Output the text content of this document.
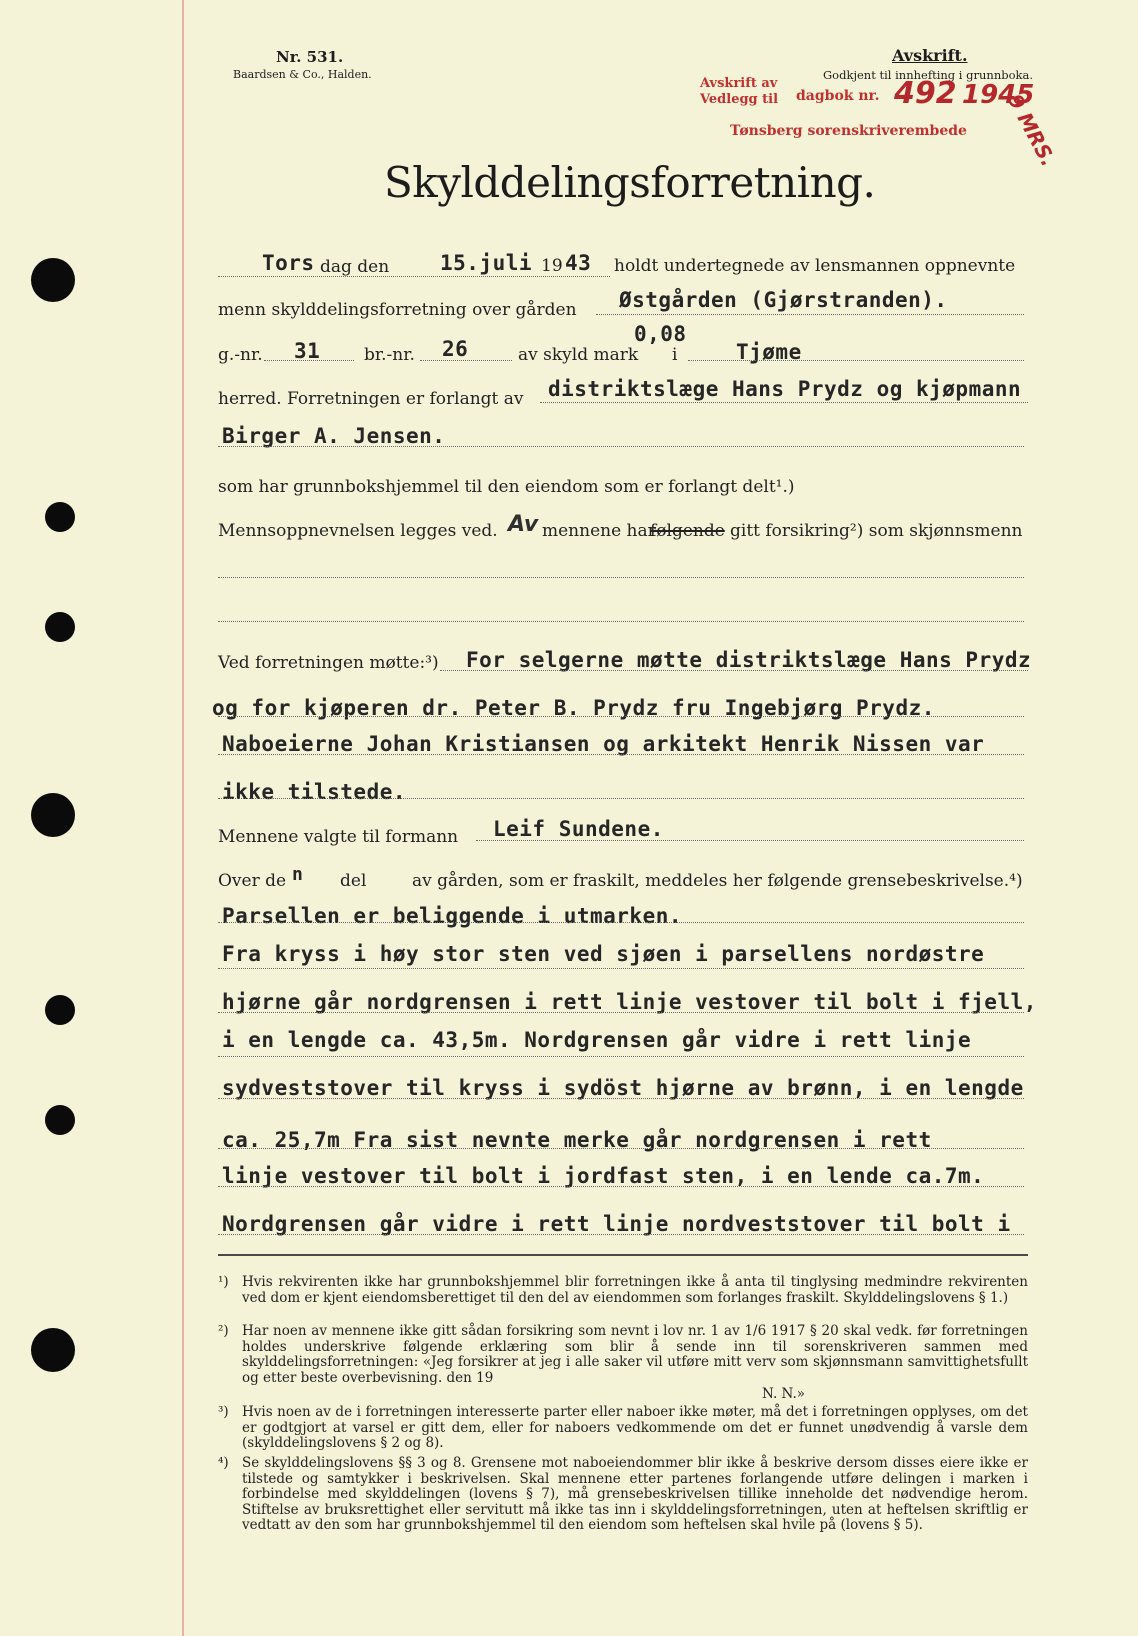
Nr. 531.
Baardsen & Co., Halden.
Avskrift.
Godkjent til innhefting i grunnboka.
Avskrift av
Vedlegg til dagbok nr. 492 1945
9 MRS.
Tønsberg sorenskriverembede
Skylddelingsforretning.
Tors dag den 15.juli 19 43 holdt undertegnede av lensmannen oppnevnte
menn skylddelingsforretning over gården Østgården (Gjørstranden).
g.-nr. 31	br.-nr. 26	av skyld mark
0,08
i	Tjøme
herred. Forretningen er forlangt av distriktslæge Hans Prydz og kjøpmann
Birger A. Jensen.
som har grunnbokshjemmel til den eiendom som er forlangt delt¹.)
Mennsoppnevnelsen legges ved. Av mennene har
følgende gitt forsikring²) som skjønnsmenn
Ved forretningen møtte:³) For selgerne møtte distriktslæge Hans Prydz
og for kjøperen dr. Peter B. Prydz fru Ingebjørg Prydz.
Naboeierne Johan Kristiansen og arkitekt Henrik Nissen var
ikke tilstede.
Mennene valgte til formann Leif Sundene.
Over de n del	av gården, som er fraskilt, meddeles her følgende grensebeskrivelse.⁴)
Parsellen er beliggende i utmarken.
Fra kryss i høy stor sten ved sjøen i parsellens nordøstre
hjørne går nordgrensen i rett linje vestover til bolt i fjell,
i en lengde ca. 43,5m. Nordgrensen går vidre i rett linje
sydveststover til kryss i sydöst hjørne av brønn, i en lengde
ca. 25,7m Fra sist nevnte merke går nordgrensen i rett
linje vestover til bolt i jordfast sten, i en lende ca.7m.
Nordgrensen går vidre i rett linje nordveststover til bolt i
¹) Hvis rekvirenten ikke har grunnbokshjemmel blir forretningen ikke å anta til tinglysing medmindre rekvirenten ved dom er kjent eiendomsberettiget til den del av eiendommen som forlanges fraskilt. Skylddelingslovens § 1.)
²) Har noen av mennene ikke gitt sådan forsikring som nevnt i lov nr. 1 av 1/6 1917 § 20 skal vedk. før forretningen holdes underskrive følgende erklæring som blir å sende inn til sorenskriveren sammen med skylddelingsforretningen: «Jeg forsikrer at jeg i alle saker vil utføre mitt verv som skjønnsmann samvittighetsfullt og etter beste overbevisning. den 19
N. N.»
³) Hvis noen av de i forretningen interesserte parter eller naboer ikke møter, må det i forretningen opplyses, om det er godtgjort at varsel er gitt dem, eller for naboers vedkommende om det er funnet unødvendig å varsle dem (skylddelingslovens § 2 og 8).
⁴) Se skylddelingslovens §§ 3 og 8. Grensene mot naboeiendommer blir ikke å beskrive dersom disses eiere ikke er tilstede og samtykker i beskrivelsen. Skal mennene etter partenes forlangende utføre delingen i marken i forbindelse med skylddelingen (lovens § 7), må grensebeskrivelsen tillike inneholde det nødvendige herom. Stiftelse av bruksrettighet eller servitutt må ikke tas inn i skylddelingsforretningen, uten at heftelsen skriftlig er vedtatt av den som har grunnbokshjemmel til den eiendom som heftelsen skal hvile på (lovens § 5).
